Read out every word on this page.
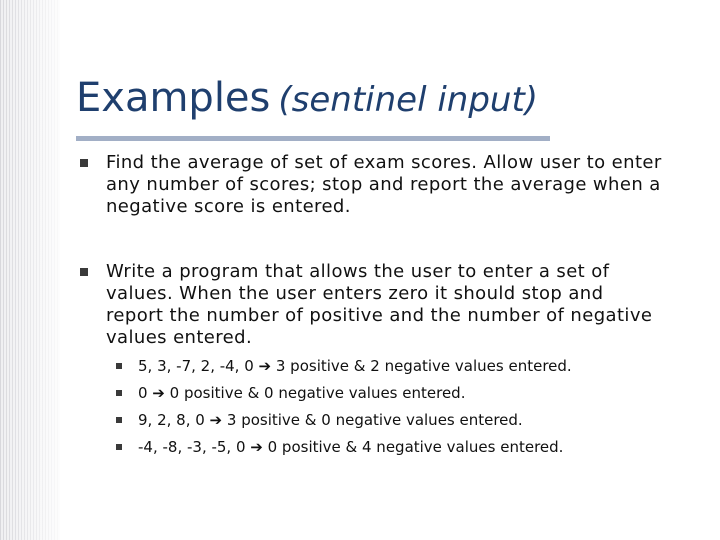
Examples (sentinel input)
Find the average of set of exam scores. Allow user to enter any number of scores; stop and report the average when a negative score is entered.
Write a program that allows the user to enter a set of values. When the user enters zero it should stop and report the number of positive and the number of negative values entered.
5, 3, -7, 2, -4, 0 ➔ 3 positive & 2 negative values entered.
0 ➔ 0 positive & 0 negative values entered.
9, 2, 8, 0 ➔ 3 positive & 0 negative values entered.
-4, -8, -3, -5, 0 ➔ 0 positive & 4 negative values entered.
